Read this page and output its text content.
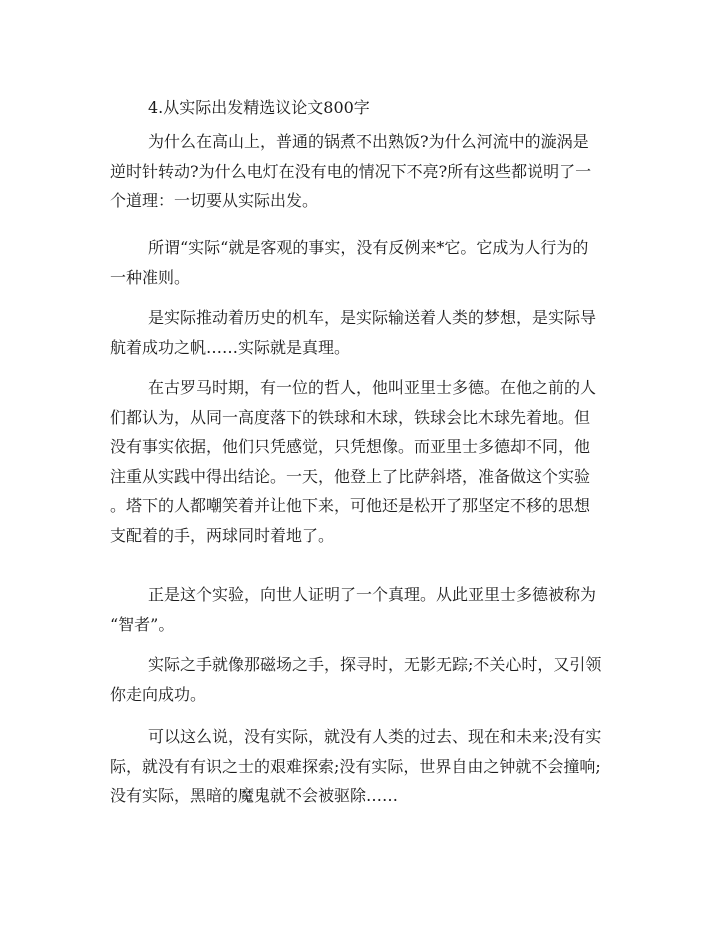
4.从实际出发精选议论文800字
为什么在高山上，普通的锅煮不出熟饭?为什么河流中的漩涡是
逆时针转动?为什么电灯在没有电的情况下不亮?所有这些都说明了一
个道理：一切要从实际出发。
所谓“实际“就是客观的事实，没有反例来*它。它成为人行为的
一种准则。
是实际推动着历史的机车，是实际输送着人类的梦想，是实际导
航着成功之帆……实际就是真理。
在古罗马时期，有一位的哲人，他叫亚里士多德。在他之前的人
们都认为，从同一高度落下的铁球和木球，铁球会比木球先着地。但
没有事实依据，他们只凭感觉，只凭想像。而亚里士多德却不同，他
注重从实践中得出结论。一天，他登上了比萨斜塔，准备做这个实验
。塔下的人都嘲笑着并让他下来，可他还是松开了那坚定不移的思想
支配着的手，两球同时着地了。
正是这个实验，向世人证明了一个真理。从此亚里士多德被称为
“智者”。
实际之手就像那磁场之手，探寻时，无影无踪;不关心时，又引领
你走向成功。
可以这么说，没有实际，就没有人类的过去、现在和未来;没有实
际，就没有有识之士的艰难探索;没有实际，世界自由之钟就不会撞响;
没有实际，黑暗的魔鬼就不会被驱除……
